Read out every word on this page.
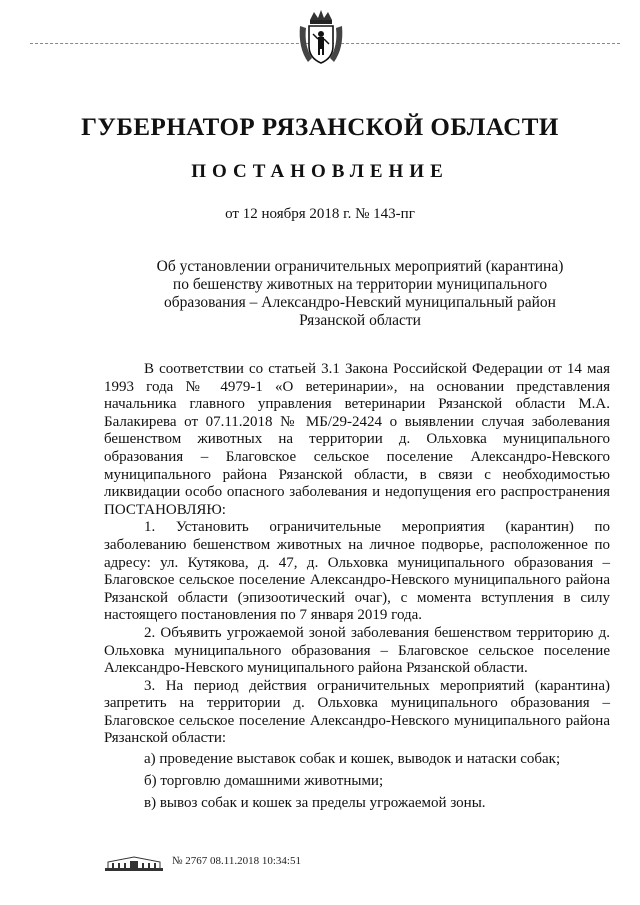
ГУБЕРНАТОР РЯЗАНСКОЙ ОБЛАСТИ
ПОСТАНОВЛЕНИЕ
от 12 ноября 2018 г. № 143-пг
Об установлении ограничительных мероприятий (карантина) по бешенству животных на территории муниципального образования – Александро-Невский муниципальный район Рязанской области

В соответствии со статьей 3.1 Закона Российской Федерации от 14 мая 1993 года № 4979-1 «О ветеринарии», на основании представления начальника главного управления ветеринарии Рязанской области М.А. Балакирева от 07.11.2018 № МБ/29-2424 о выявлении случая заболевания бешенством животных на территории д. Ольховка муниципального образования – Благовское сельское поселение Александро-Невского муниципального района Рязанской области, в связи с необходимостью ликвидации особо опасного заболевания и недопущения его распространения ПОСТАНОВЛЯЮ:

1. Установить ограничительные мероприятия (карантин) по заболеванию бешенством животных на личное подворье, расположенное по адресу: ул. Кутякова, д. 47, д. Ольховка муниципального образования – Благовское сельское поселение Александро-Невского муниципального района Рязанской области (эпизоотический очаг), с момента вступления в силу настоящего постановления по 7 января 2019 года.

2. Объявить угрожаемой зоной заболевания бешенством территорию д. Ольховка муниципального образования – Благовское сельское поселение Александро-Невского муниципального района Рязанской области.

3. На период действия ограничительных мероприятий (карантина) запретить на территории д. Ольховка муниципального образования – Благовское сельское поселение Александро-Невского муниципального района Рязанской области:

а) проведение выставок собак и кошек, выводок и натаски собак;

б) торговлю домашними животными;

в) вывоз собак и кошек за пределы угрожаемой зоны.

№ 2767 08.11.2018 10:34:51
